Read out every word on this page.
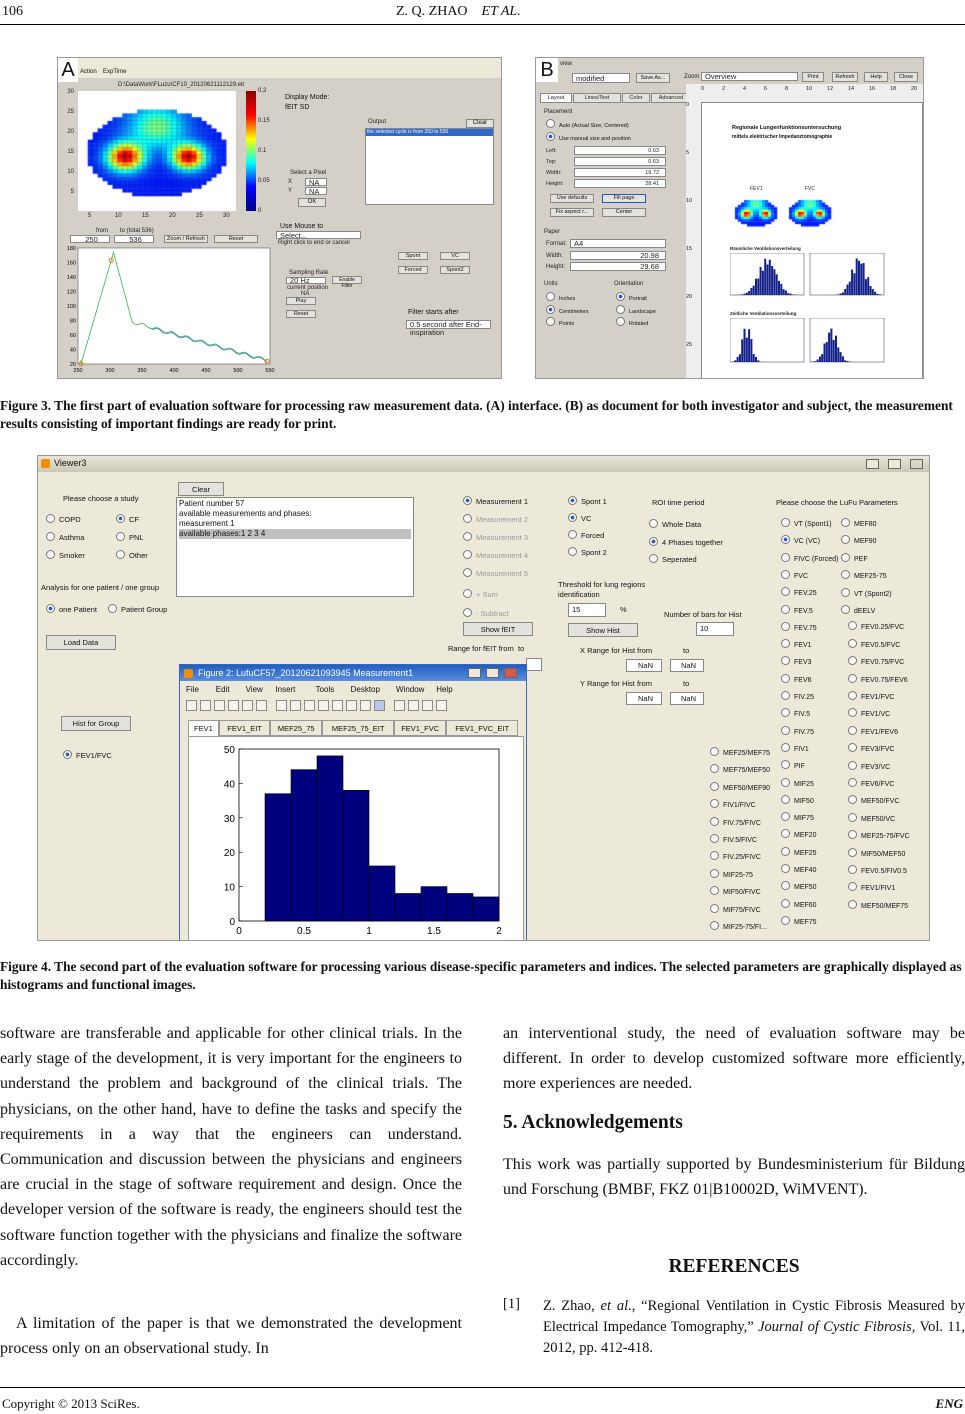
106	Z. Q. ZHAO ET AL.
Action ExpTime
A
D:\DataWork\FLuzu\CF10_20120621112129.eit
30
25
20
15
10
5
5	10	15	20	25	30
0.2
0.15
0.1
0.05
0
Display Mode:
fEIT SD
Select a Pixel
X	NA
Y	NA
OK
Output	Clear
the selected cycle is from 250 to 536
from to (total 536)
250	536	Zoom / Refresh	Reset
180
160
140
120
100
80
60
40
20
250	300	350	400	450	500	550
Use Mouse to
Select...
Right click to end or cancel
Sampling Rate
20 Hz	Enable Filter
current position
NA
Play
Reset
Spont	VC
Forced	Spont2
Filter starts after
0.5 second after End-inspiration
B	view
modified	Save As...	Zoom Overview	Print	Refresh	Help	Close
Layout	Lines/Text	Color	Advanced
Placement
Auto (Actual Size, Centered)
Use manual size and position
Left:	0.63
Top:	0.63
Width:	19.72
Height:	28.41
Use defaults	Fill page
Fix aspect r...	Center
Paper
Format: A4
Width:	20.98
Height:	29.68
Units
Inches
Centimeters
Points
Orientation
Portrait
Landscape
Rotated
0	2	4	6	8	10	12	14	16	18	20
0
5
10
15
20
25
Regionale Lungenfunktionsuntersuchung
mittels elektrischer Impedanztomographie
FEV1	FVC
Räumliche Ventilationsverteilung
Zeitliche Ventilationsverteilung
Figure 3. The first part of evaluation software for processing raw measurement data. (A) interface. (B) as document for both investigator and subject, the measurement results consisting of important findings are ready for print.
Viewer3
Clear
Please choose a study
COPD	CF
Asthma	PNL
Smoker	Other
Patient number 57
available measurements and phases:
measurement 1
available phases:1 2 3 4
Analysis for one patient / one group
one Patient	Patient Group
Load Data
Hist for Group
FEV1/FVC
Measurement 1
Measurement 2
Measurement 3
Measurement 4
Measurement 5
+ Sum
- Subtract
Show fEIT
Range for fEIT from to
Spont 1
VC
Forced
Spont 2
Threshold for lung regions identification
15	%
Show Hist
Number of bars for Hist
10
X Range for Hist from	to
NaN	NaN
Y Range for Hist from	to
NaN	NaN
ROI time period
Whole Data
4 Phases together
Seperated
Please choose the LuFu Parameters
VT (Spont1)
VC (VC)
FIVC (Forced)
FVC
FEV.25
FEV.5
FEV.75
FEV1
FEV3
FEV6
FIV.25
FIV.5
FIV.75
FIV1
PIF
MIF25
MIF50
MIF75
MEF20
MEF25
MEF40
MEF50
MEF60
MEF75
MEF80
MEF90
PEF
MEF25-75
VT (Spont2)
dEELV
FEV0.25/FVC
FEV0.5/FVC
FEV0.75/FVC
FEV0.75/FEV6
FEV1/FVC
FEV1/VC
FEV1/FEV6
FEV3/FVC
FEV3/VC
FEV6/FVC
MEF50/FVC
MEF50/VC
MEF25-75/FVC
MIF50/MEF50
FEV0.5/FIV0.5
FEV1/FIV1
MEF50/MEF75
MEF25/MEF75
MEF75/MEF50
MEF50/MEF90
FIV1/FIVC
FIV.75/FIVC
FIV.5/FIVC
FIV.25/FIVC
MIF25-75
MIF50/FIVC
MIF75/FIVC
MIF25-75/FI...
Figure 2: LufuCF57_20120621093945 Measurement1
File Edit View Insert	Tools Desktop Window Help
FEV1	FEV1_EIT	MEF25_75	MEF25_75_EIT	FEV1_FVC	FEV1_FVC_EIT
50
40
30
20
10
0
0	0.5	1	1.5	2
Figure 4. The second part of the evaluation software for processing various disease-specific parameters and indices. The selected parameters are graphically displayed as histograms and functional images.
software are transferable and applicable for other clinical trials. In the early stage of the development, it is very important for the engineers to understand the problem and background of the clinical trials. The physicians, on the other hand, have to define the tasks and specify the requirements in a way that the engineers can understand. Communication and discussion between the physicians and engineers are crucial in the stage of software requirement and design. Once the developer version of the software is ready, the engineers should test the software function together with the physicians and finalize the software accordingly.
A limitation of the paper is that we demonstrated the development process only on an observational study. In
an interventional study, the need of evaluation software may be different. In order to develop customized software more efficiently, more experiences are needed.
5. Acknowledgements
This work was partially supported by Bundesministerium für Bildung und Forschung (BMBF, FKZ 01|B10002D, WiMVENT).
REFERENCES
[1] Z. Zhao, et al., “Regional Ventilation in Cystic Fibrosis Measured by Electrical Impedance Tomography,” Journal of Cystic Fibrosis, Vol. 11, 2012, pp. 412-418.
Copyright © 2013 SciRes.	ENG
